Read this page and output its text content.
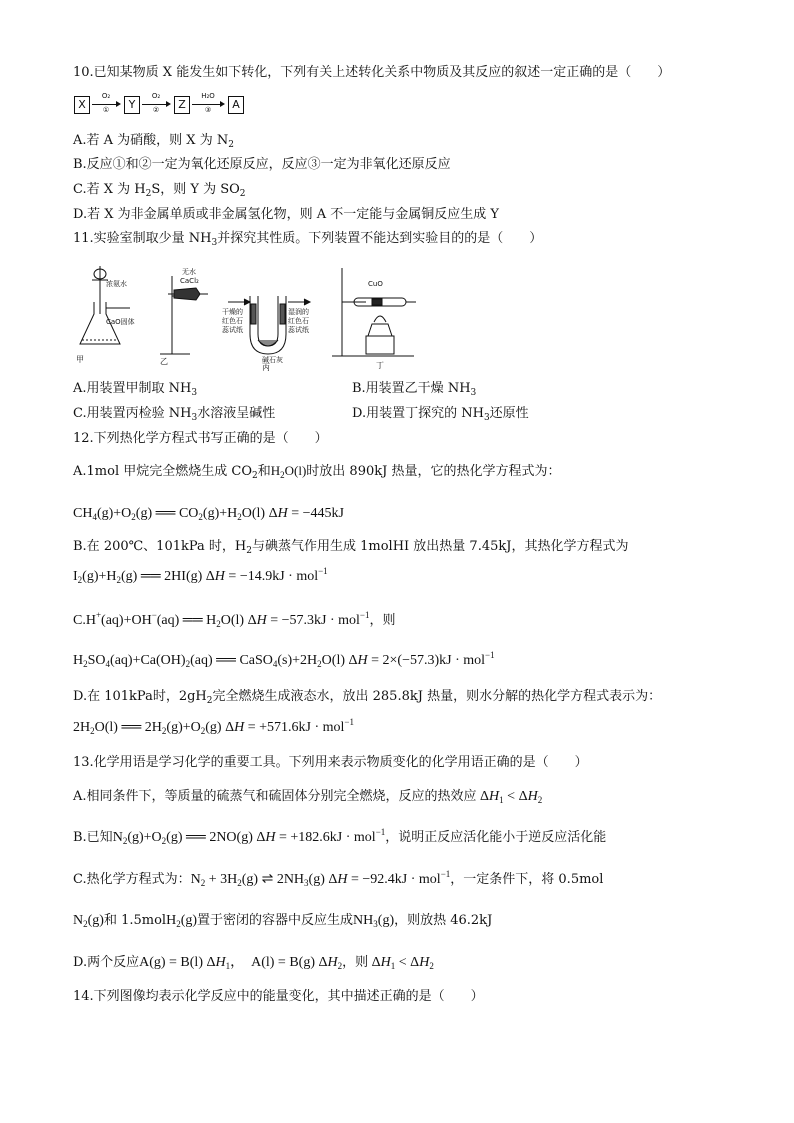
10.已知某物质 X 能发生如下转化，下列有关上述转化关系中物质及其反应的叙述一定正确的是（　　）
X
O₂
①	Y
O₂
②	Z
H₂O
③	A
A.若 A 为硝酸，则 X 为 $N_2$
B.反应①和②一定为氧化还原反应，反应③一定为非氧化还原反应
C.若 X 为 $H_2S$，则 Y 为 $SO_2$
D.若 X 为非金属单质或非金属氢化物，则 A 不一定能与金属铜反应生成 Y
11.实验室制取少量 $NH_3$并探究其性质。下列装置不能达到实验目的的是（　　）
浓氨水
CaO固体
甲
无水
CaCl₂
乙
干燥的
红色石
蕊试纸
湿润的
红色石
蕊试纸
碱石灰
丙
CuO
丁
A.用装置甲制取 $NH_3$	B.用装置乙干燥 $NH_3$
C.用装置丙检验 $NH_3$水溶液呈碱性	D.用装置丁探究的 $NH_3$还原性
12.下列热化学方程式书写正确的是（　　）
A.1mol 甲烷完全燃烧生成 $CO_2$和$H_2O(l)$时放出 890kJ 热量，它的热化学方程式为：
$CH_4(g)+O_2(g)$ ══ $CO_2(g)+H_2O(l) \Delta H = -445kJ$
B.在 200℃、101kPa 时，$H_2$与碘蒸气作用生成 1molHI 放出热量 7.45kJ，其热化学方程式为
$I_2(g)+H_2(g)$ ══ 2HI(g) ΔH = −14.9kJ · mol$^{-1}$
C.H+(aq)+OH−(aq) ══ $H_2O(l) \Delta H = -57.3kJ \cdot mol^{-1}$，则
$H_2SO_4(aq)+Ca(OH)_2(aq)$ ══ $CaSO_4(s)+2H_2O(l) \Delta H = 2\times(-57.3)kJ \cdot mol^{-1}$
D.在 101kPa时，$2gH_2$完全燃烧生成液态水，放出 285.8kJ 热量，则水分解的热化学方程式表示为：
$2H_2O(l)$ ══ $2H_2(g)+O_2(g) \Delta H = +571.6kJ \cdot mol^{-1}$
13.化学用语是学习化学的重要工具。下列用来表示物质变化的化学用语正确的是（　　）
A.相同条件下，等质量的硫蒸气和硫固体分别完全燃烧，反应的热效应 $\Delta H_1 < \Delta H_2$
B.已知$N_2(g)+O_2(g)$ ══ 2NO(g) ΔH = +182.6kJ · mol$^{-1}$，说明正反应活化能小于逆反应活化能
C.热化学方程式为：$N_2 + 3H_2(g)$ ⇌ $2NH_3(g) \Delta H = -92.4kJ \cdot mol^{-1}$，一定条件下，将 0.5mol
$N_2(g)$和 1.5molH$_2$(g)置于密闭的容器中反应生成$NH_3(g)$，则放热 46.2kJ
D.两个反应A(g) = B(l) $\Delta H_1$，　A(l) = B(g) $\Delta H_2$，则 $\Delta H_1 < \Delta H_2$
14.下列图像均表示化学反应中的能量变化，其中描述正确的是（　　）
